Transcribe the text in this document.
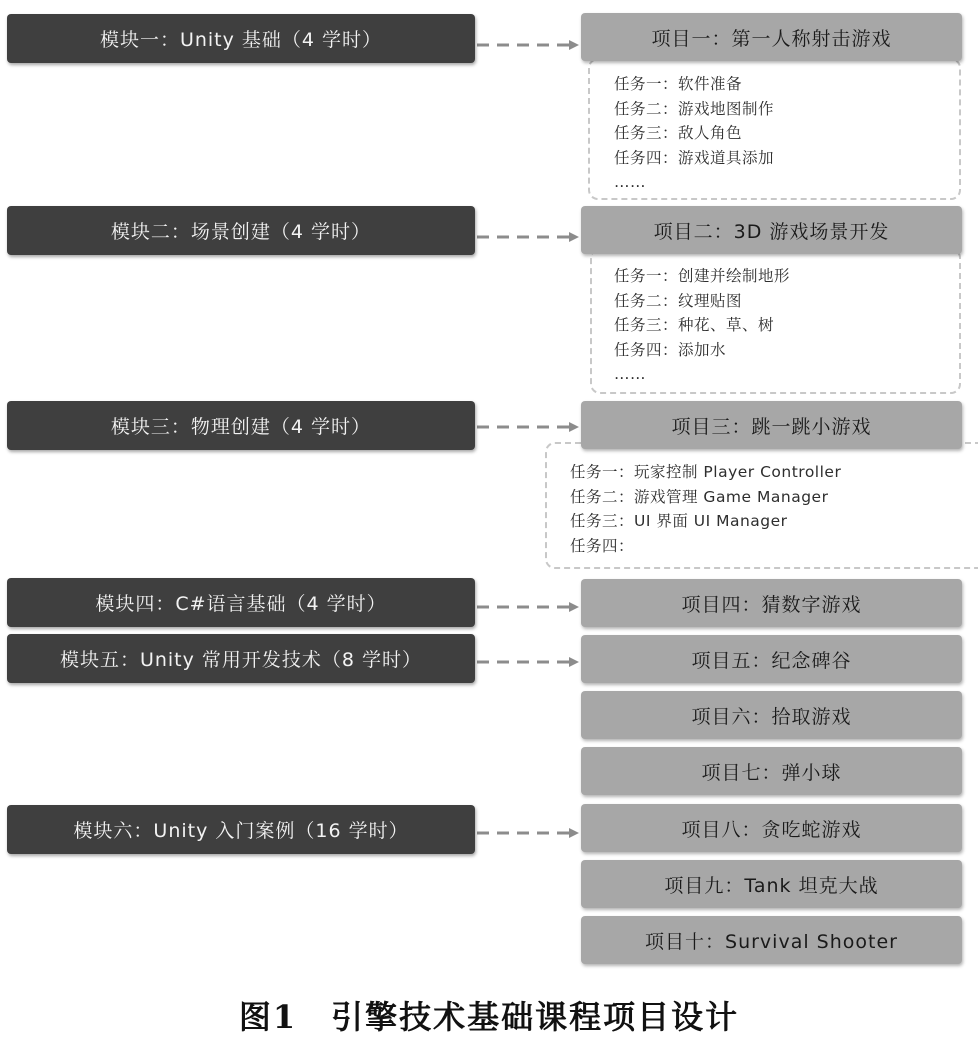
模块一：Unity 基础（4 学时）
模块二：场景创建（4 学时）
模块三：物理创建（4 学时）
模块四：C#语言基础（4 学时）
模块五：Unity 常用开发技术（8 学时）
模块六：Unity 入门案例（16 学时）
任务一：软件准备
任务二：游戏地图制作
任务三：敌人角色
任务四：游戏道具添加
……
任务一：创建并绘制地形
任务二：纹理贴图
任务三：种花、草、树
任务四：添加水
……
任务一：玩家控制 Player Controller
任务二：游戏管理 Game Manager
任务三：UI 界面 UI Manager
任务四：
项目一：第一人称射击游戏
项目二：3D 游戏场景开发
项目三：跳一跳小游戏
项目四：猜数字游戏
项目五：纪念碑谷
项目六：拾取游戏
项目七：弹小球
项目八：贪吃蛇游戏
项目九：Tank 坦克大战
项目十：Survival Shooter
图1　引擎技术基础课程项目设计
